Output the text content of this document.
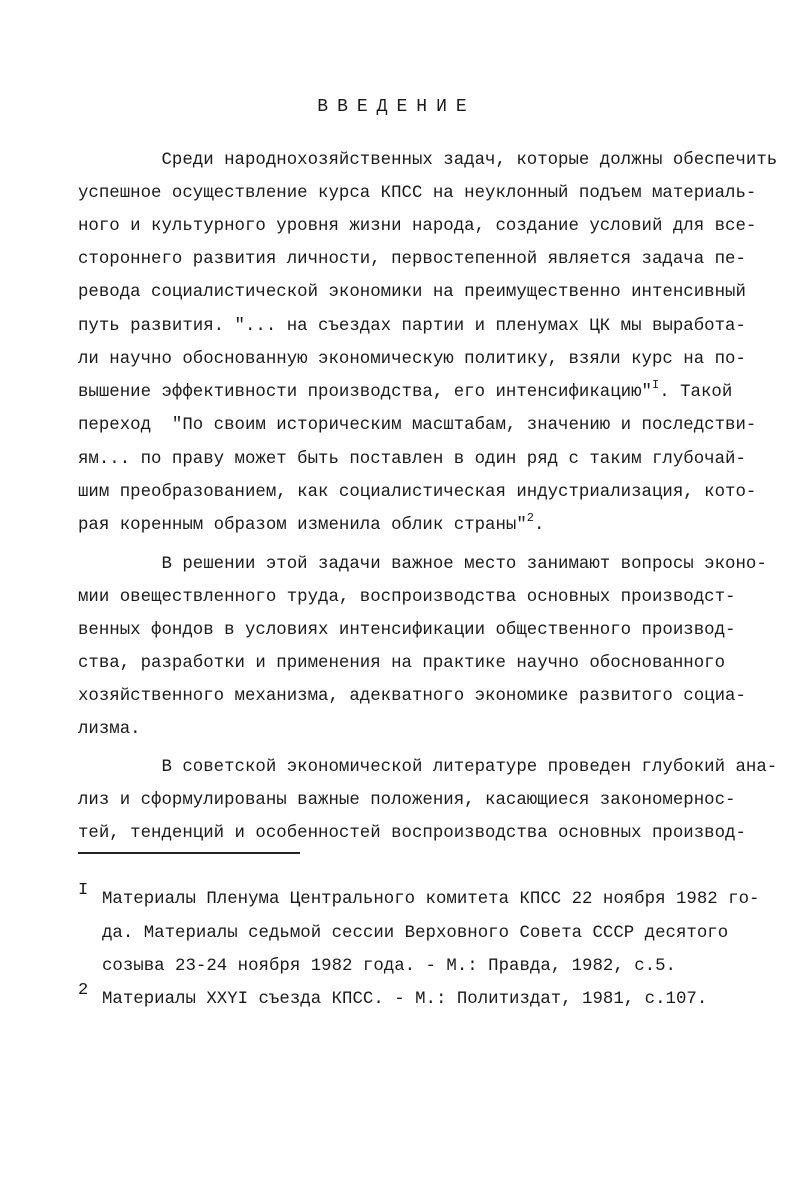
ВВЕДЕНИЕ
Среди народнохозяйственных задач, которые должны обеспечить
успешное осуществление курса КПСС на неуклонный подъем материаль-
ного и культурного уровня жизни народа, создание условий для все-
стороннего развития личности, первостепенной является задача пе-
ревода социалистической экономики на преимущественно интенсивный
путь развития. "... на съездах партии и пленумах ЦК мы выработа-
ли научно обоснованную экономическую политику, взяли курс на по-
вышение эффективности производства, его интенсификацию"$^I$. Такой
переход  "По своим историческим масштабам, значению и последстви-
ям... по праву может быть поставлен в один ряд с таким глубочай-
шим преобразованием, как социалистическая индустриализация, кото-
рая коренным образом изменила облик страны"$^2$.
В решении этой задачи важное место занимают вопросы эконо-
мии овеществленного труда, воспроизводства основных производст-
венных фондов в условиях интенсификации общественного производ-
ства, разработки и применения на практике научно обоснованного
хозяйственного механизма, адекватного экономике развитого социа-
лизма.
В советской экономической литературе проведен глубокий ана-
лиз и сформулированы важные положения, касающиеся закономернос-
тей, тенденций и особенностей воспроизводства основных производ-
I Материалы Пленума Центрального комитета КПСС 22 ноября 1982 го-
да. Материалы седьмой сессии Верховного Совета СССР десятого
созыва 23-24 ноября 1982 года. - М.: Правда, 1982, с.5.
2 Материалы XXYI съезда КПСС. - М.: Политиздат, 1981, с.107.
